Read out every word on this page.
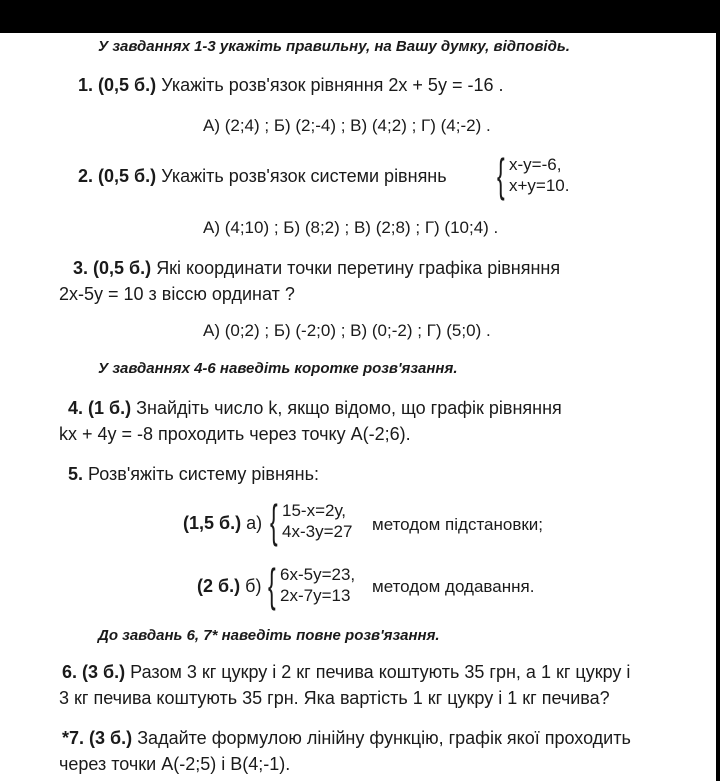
У завданнях 1-3 укажіть правильну, на Вашу думку, відповідь.
1. (0,5 б.) Укажіть розв'язок рівняння 2х + 5у = -16 .
А) (2;4) ; Б) (2;-4) ; В) (4;2) ; Г) (4;-2) .
2. (0,5 б.) Укажіть розв'язок системи рівнянь { х-у=-6,
х+у=10.
А) (4;10) ; Б) (8;2) ; В) (2;8) ; Г) (10;4) .
3. (0,5 б.) Які координати точки перетину графіка рівняння
2х-5у = 10 з віссю ординат ?
А) (0;2) ; Б) (-2;0) ; В) (0;-2) ; Г) (5;0) .
У завданнях 4-6 наведіть коротке розв'язання.
4. (1 б.) Знайдіть число k, якщо відомо, що графік рівняння
kx + 4y = -8 проходить через точку А(-2;6).
5. Розв'яжіть систему рівнянь:
(1,5 б.) а) { 15-х=2у,
4х-3у=27 методом підстановки;
(2 б.) б) { 6х-5у=23,
2х-7у=13 методом додавання.
До завдань 6, 7* наведіть повне розв'язання.
6. (3 б.) Разом 3 кг цукру і 2 кг печива коштують 35 грн, а 1 кг цукру і
3 кг печива коштують 35 грн. Яка вартість 1 кг цукру і 1 кг печива?
*7. (3 б.) Задайте формулою лінійну функцію, графік якої проходить
через точки А(-2;5) і В(4;-1).
